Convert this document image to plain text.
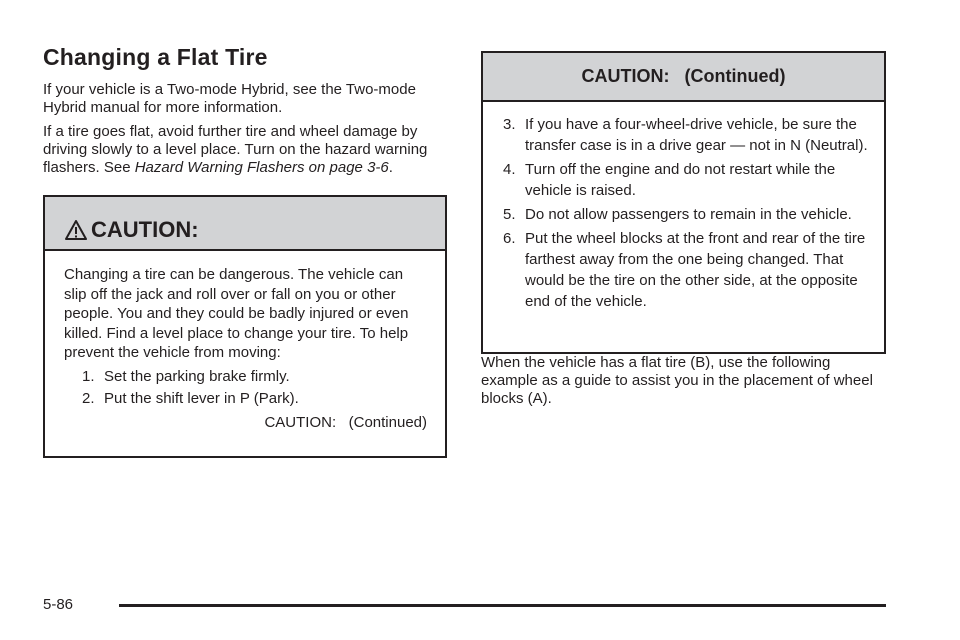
Changing a Flat Tire

If your vehicle is a Two-mode Hybrid, see the Two-mode Hybrid manual for more information.

If a tire goes flat, avoid further tire and wheel damage by driving slowly to a level place. Turn on the hazard warning flashers. See Hazard Warning Flashers on page 3-6.

CAUTION:

Changing a tire can be dangerous. The vehicle can slip off the jack and roll over or fall on you or other people. You and they could be badly injured or even killed. Find a level place to change your tire. To help prevent the vehicle from moving:

1. Set the parking brake firmly.
2. Put the shift lever in P (Park).
CAUTION:   (Continued)
CAUTION:   (Continued)
3. If you have a four-wheel-drive vehicle, be sure the transfer case is in a drive gear — not in N (Neutral).
4. Turn off the engine and do not restart while the vehicle is raised.
5. Do not allow passengers to remain in the vehicle.
6. Put the wheel blocks at the front and rear of the tire farthest away from the one being changed. That would be the tire on the other side, at the opposite end of the vehicle.

When the vehicle has a flat tire (B), use the following example as a guide to assist you in the placement of wheel blocks (A).

5-86
